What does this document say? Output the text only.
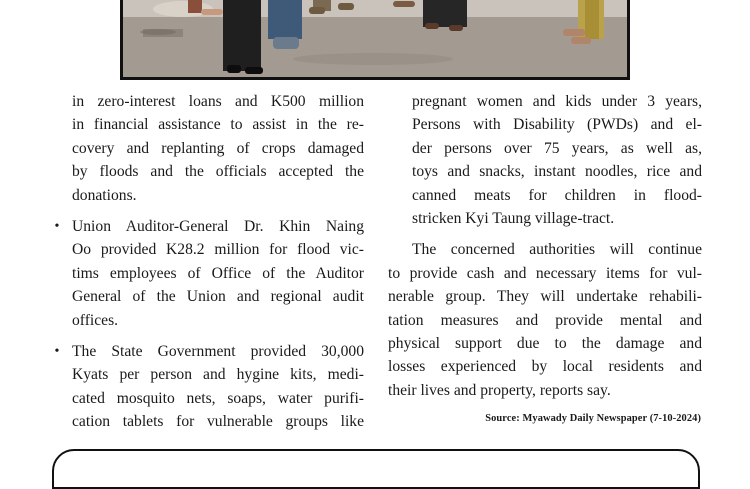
in zero-interest loans and K500 million
in financial assistance to assist in the re-
covery and replanting of crops damaged
by floods and the officials accepted the
donations.
• Union Auditor-General Dr. Khin Naing
Oo provided K28.2 million for flood vic-
tims employees of Office of the Auditor
General of the Union and regional audit
offices.
• The State Government provided 30,000
Kyats per person and hygine kits, medi-
cated mosquito nets, soaps, water purifi-
cation tablets for vulnerable groups like
pregnant women and kids under 3 years,
Persons with Disability (PWDs) and el-
der persons over 75 years, as well as,
toys and snacks, instant noodles, rice and
canned meats for children in flood-
stricken Kyi Taung village-tract.
The concerned authorities will continue
to provide cash and necessary items for vul-
nerable group. They will undertake rehabili-
tation measures and provide mental and
physical support due to the damage and
losses experienced by local residents and
their lives and property, reports say.
Source: Myawady Daily Newspaper (7-10-2024)
